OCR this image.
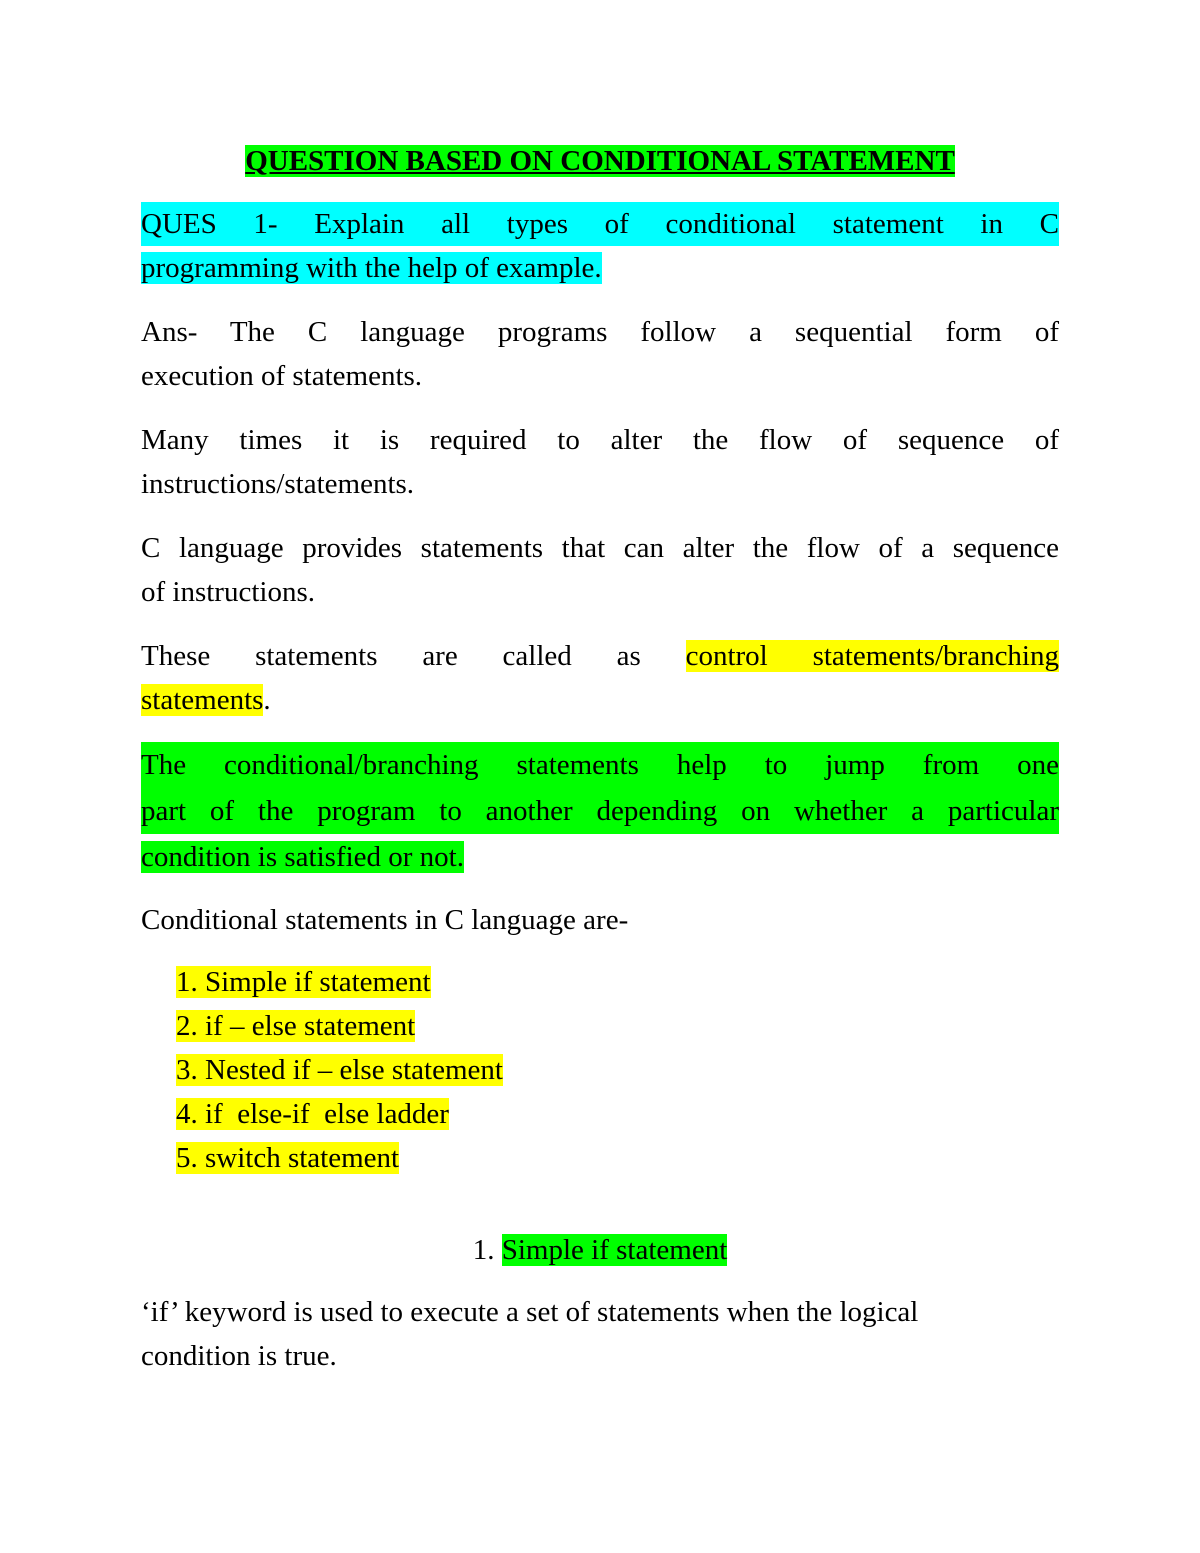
QUESTION BASED ON CONDITIONAL STATEMENT
QUES 1- Explain all types of conditional statement in C
programming with the help of example.
Ans- The C language programs follow a sequential form of
execution of statements.
Many times it is required to alter the flow of sequence of
instructions/statements.
C language provides statements that can alter the flow of a sequence
of instructions.
These statements are called as control statements/branching
statements.
The conditional/branching statements help to jump from one
part of the program to another depending on whether a particular
condition is satisfied or not.
Conditional statements in C language are-
1. Simple if statement
2. if – else statement
3. Nested if – else statement
4. if  else-if  else ladder
5. switch statement
1. Simple if statement
‘if’ keyword is used to execute a set of statements when the logical
condition is true.
